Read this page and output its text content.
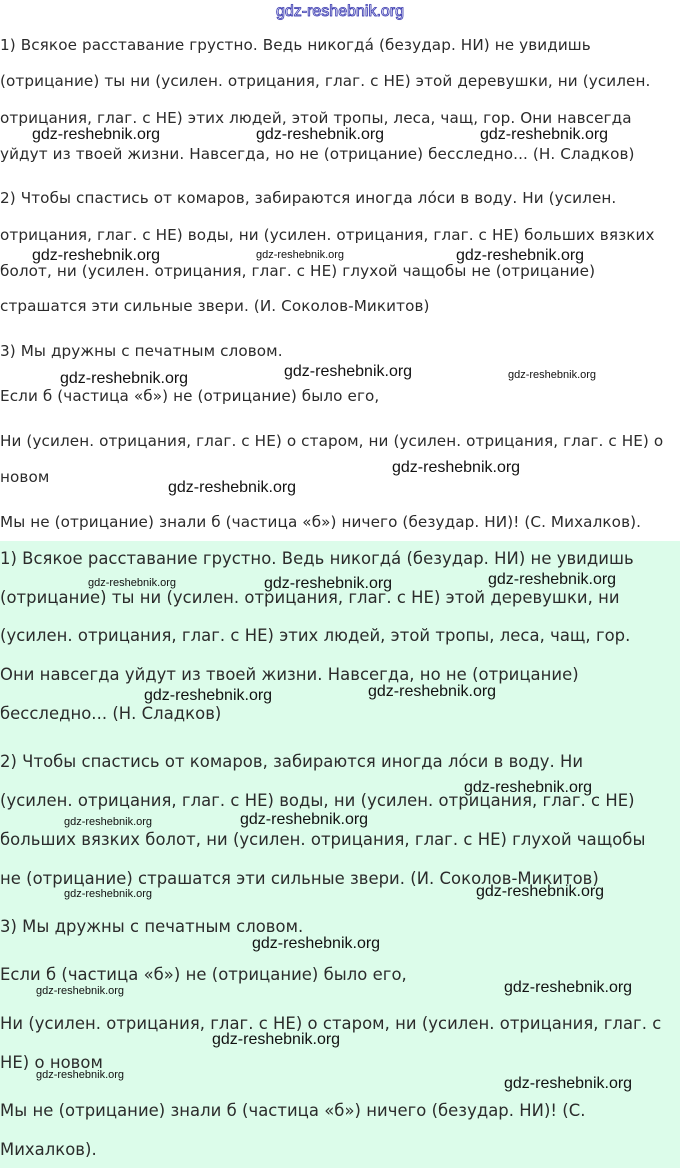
gdz-reshebnik.org
1) Всякое расставание грустно. Ведь никогда́ (безудар. НИ) не увидишь
(отрицание) ты ни (усилен. отрицания, глаг. с НЕ) этой деревушки, ни (усилен.
отрицания, глаг. с НЕ) этих людей, этой тропы, леса, чащ, гор. Они навсегда
уйдут из твоей жизни. Навсегда, но не (отрицание) бесследно... (Н. Сладков)
2) Чтобы спастись от комаров, забираются иногда ло́си в воду. Ни (усилен.
отрицания, глаг. с НЕ) воды, ни (усилен. отрицания, глаг. с НЕ) больших вязких
болот, ни (усилен. отрицания, глаг. с НЕ) глухой чащобы не (отрицание)
страшатся эти сильные звери. (И. Соколов-Микитов)
3) Мы дружны с печатным словом.
Если б (частица «б») не (отрицание) было его,
Ни (усилен. отрицания, глаг. с НЕ) о старом, ни (усилен. отрицания, глаг. с НЕ) о
новом
Мы не (отрицание) знали б (частица «б») ничего (безудар. НИ)! (С. Михалков).
1) Всякое расставание грустно. Ведь никогда́ (безудар. НИ) не увидишь
(отрицание) ты ни (усилен. отрицания, глаг. с НЕ) этой деревушки, ни
(усилен. отрицания, глаг. с НЕ) этих людей, этой тропы, леса, чащ, гор.
Они навсегда уйдут из твоей жизни. Навсегда, но не (отрицание)
бесследно... (Н. Сладков)
2) Чтобы спастись от комаров, забираются иногда ло́си в воду. Ни
(усилен. отрицания, глаг. с НЕ) воды, ни (усилен. отрицания, глаг. с НЕ)
больших вязких болот, ни (усилен. отрицания, глаг. с НЕ) глухой чащобы
не (отрицание) страшатся эти сильные звери. (И. Соколов-Микитов)
3) Мы дружны с печатным словом.
Если б (частица «б») не (отрицание) было его,
Ни (усилен. отрицания, глаг. с НЕ) о старом, ни (усилен. отрицания, глаг. с
НЕ) о новом
Мы не (отрицание) знали б (частица «б») ничего (безудар. НИ)! (С.
Михалков).
gdz-reshebnik.org	gdz-reshebnik.org	gdz-reshebnik.org
gdz-reshebnik.org	gdz-reshebnik.org	gdz-reshebnik.org
gdz-reshebnik.org	gdz-reshebnik.org	gdz-reshebnik.org
gdz-reshebnik.org
gdz-reshebnik.org
gdz-reshebnik.org	gdz-reshebnik.org	gdz-reshebnik.org
gdz-reshebnik.org	gdz-reshebnik.org
gdz-reshebnik.org
gdz-reshebnik.org	gdz-reshebnik.org
gdz-reshebnik.org	gdz-reshebnik.org
gdz-reshebnik.org
gdz-reshebnik.org	gdz-reshebnik.org
gdz-reshebnik.org
gdz-reshebnik.org	gdz-reshebnik.org
